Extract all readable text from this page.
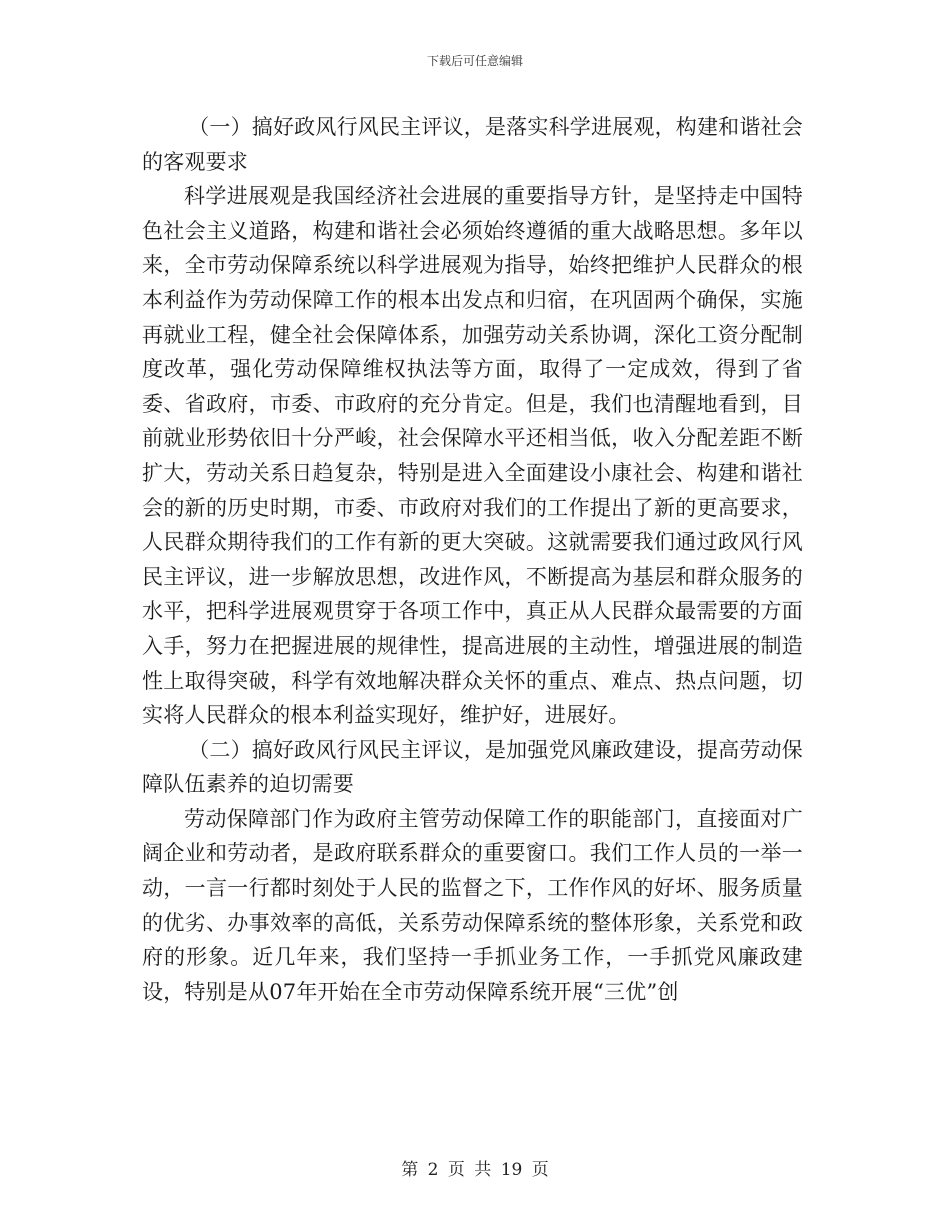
下载后可任意编辑

（一）搞好政风行风民主评议，是落实科学进展观，构建和谐社会的客观要求

科学进展观是我国经济社会进展的重要指导方针，是坚持走中国特色社会主义道路，构建和谐社会必须始终遵循的重大战略思想。多年以来，全市劳动保障系统以科学进展观为指导，始终把维护人民群众的根本利益作为劳动保障工作的根本出发点和归宿，在巩固两个确保，实施再就业工程，健全社会保障体系，加强劳动关系协调，深化工资分配制度改革，强化劳动保障维权执法等方面，取得了一定成效，得到了省委、省政府，市委、市政府的充分肯定。但是，我们也清醒地看到，目前就业形势依旧十分严峻，社会保障水平还相当低，收入分配差距不断扩大，劳动关系日趋复杂，特别是进入全面建设小康社会、构建和谐社会的新的历史时期，市委、市政府对我们的工作提出了新的更高要求，人民群众期待我们的工作有新的更大突破。这就需要我们通过政风行风民主评议，进一步解放思想，改进作风，不断提高为基层和群众服务的水平，把科学进展观贯穿于各项工作中，真正从人民群众最需要的方面入手，努力在把握进展的规律性，提高进展的主动性，增强进展的制造性上取得突破，科学有效地解决群众关怀的重点、难点、热点问题，切实将人民群众的根本利益实现好，维护好，进展好。

（二）搞好政风行风民主评议，是加强党风廉政建设，提高劳动保障队伍素养的迫切需要

劳动保障部门作为政府主管劳动保障工作的职能部门，直接面对广阔企业和劳动者，是政府联系群众的重要窗口。我们工作人员的一举一动，一言一行都时刻处于人民的监督之下，工作作风的好坏、服务质量的优劣、办事效率的高低，关系劳动保障系统的整体形象，关系党和政府的形象。近几年来，我们坚持一手抓业务工作，一手抓党风廉政建设，特别是从07年开始在全市劳动保障系统开展“三优”创

第 2 页 共 19 页
